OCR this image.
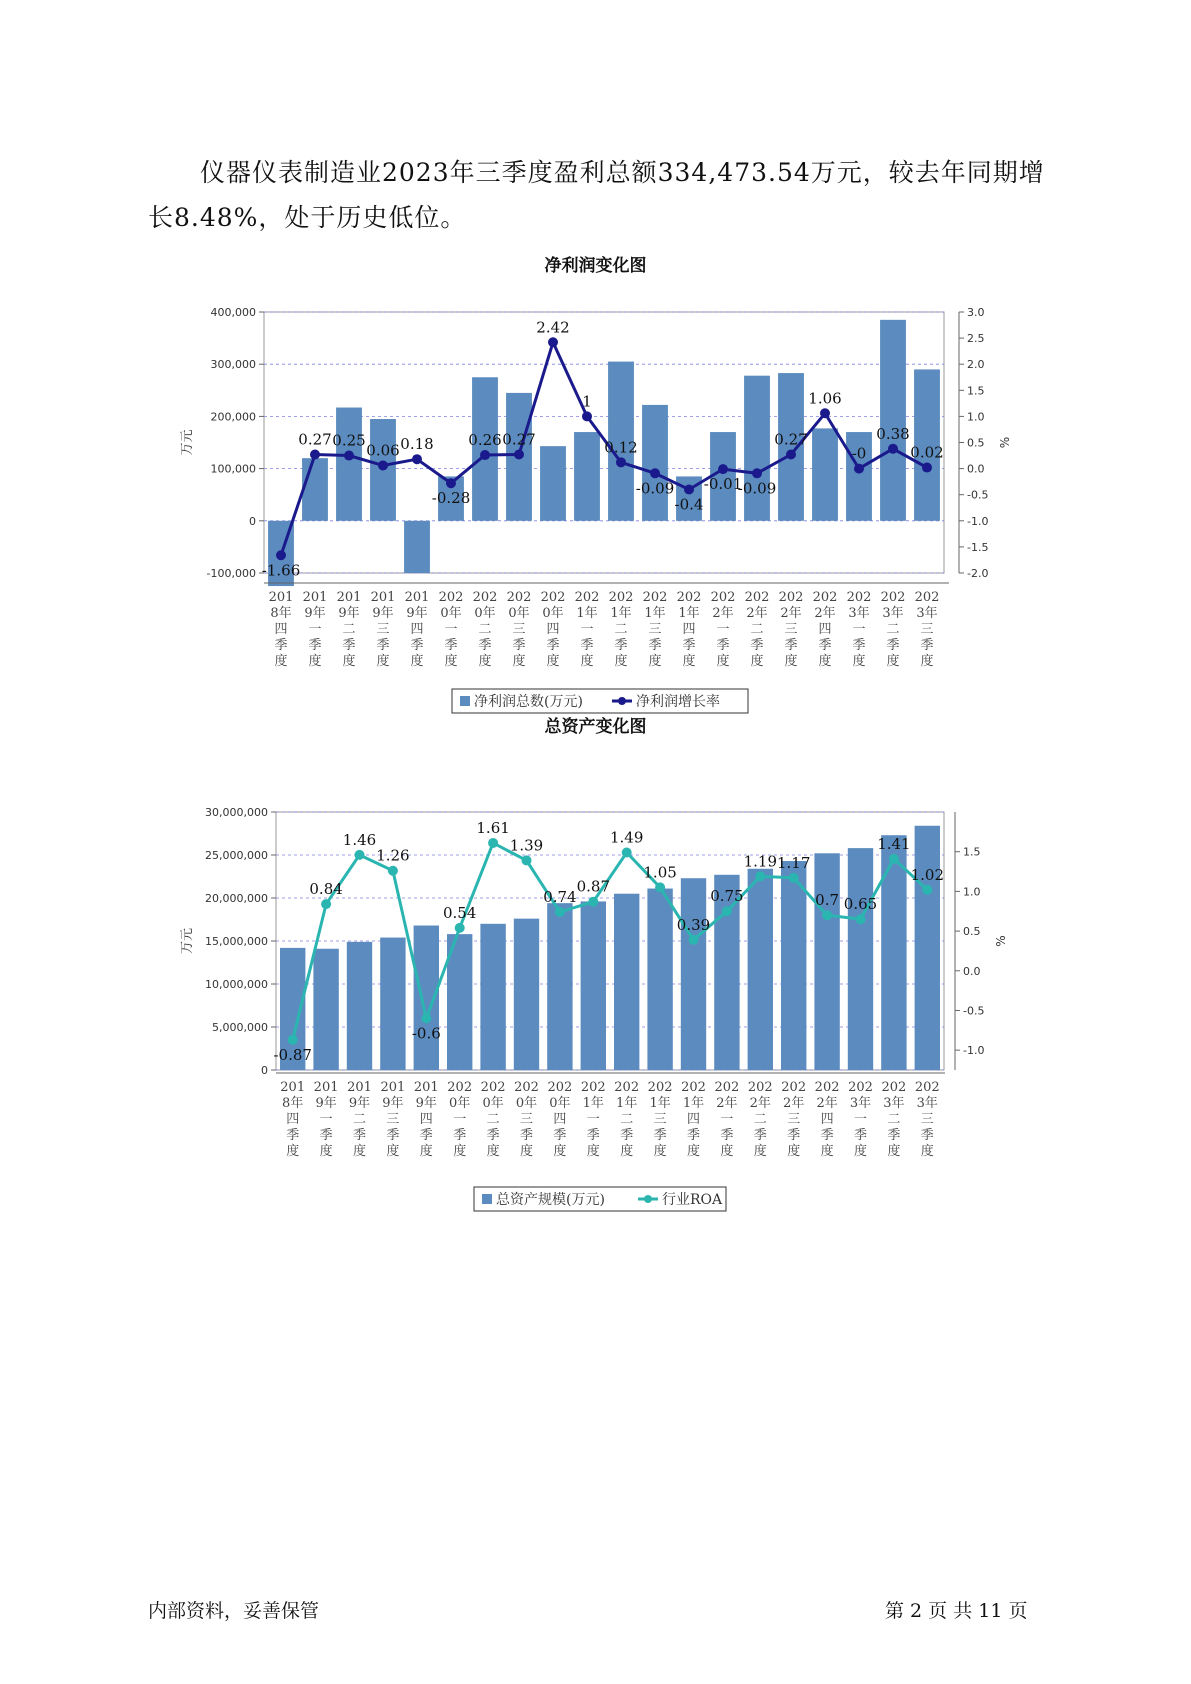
仪器仪表制造业2023年三季度盈利总额334,473.54万元，较去年同期增长8.48%，处于历史低位。

净利润变化图
-100,000
0
100,000
200,000
300,000
400,000
万元
-2.0
-1.5
-1.0
-0.5
0.0
0.5
1.0
1.5
2.0
2.5
3.0
%
-1.66
0.27 0.25
0.06 0.18
-0.28
0.26 0.27
2.42
1
0.12
-0.09
-0.4
-0.01
-0.09
0.27
1.06
-0
0.38
0.02
201 8年四季度
201 9年一季度
201 9年二季度
201 9年三季度
201 9年四季度
202 0年一季度
202 0年二季度
202 0年三季度
202 0年四季度
202 1年一季度
202 1年二季度
202 1年三季度
202 1年四季度
202 2年一季度
202 2年二季度
202 2年三季度
202 2年四季度
202 3年一季度
202 3年二季度
202 3年三季度
净利润总数(万元)	净利润增长率
总资产变化图
0
5,000,000
10,000,000
15,000,000
20,000,000
25,000,000
30,000,000
万元
-1.0
-0.5
0.0
0.5
1.0
1.5
%
-0.87
0.84
1.46
1.26
-0.6
0.54
1.61
1.39
0.74
0.87
1.49
1.05
0.39
0.75
1.19 1.17
0.7 0.65
1.41
1.02
201 8年四季度
201 9年一季度
201 9年二季度
201 9年三季度
201 9年四季度
202 0年一季度
202 0年二季度
202 0年三季度
202 0年四季度
202 1年一季度
202 1年二季度
202 1年三季度
202 1年四季度
202 2年一季度
202 2年二季度
202 2年三季度
202 2年四季度
202 3年一季度
202 3年二季度
202 3年三季度
总资产规模(万元)	行业ROA
内部资料，妥善保管	第 2 页 共 11 页
